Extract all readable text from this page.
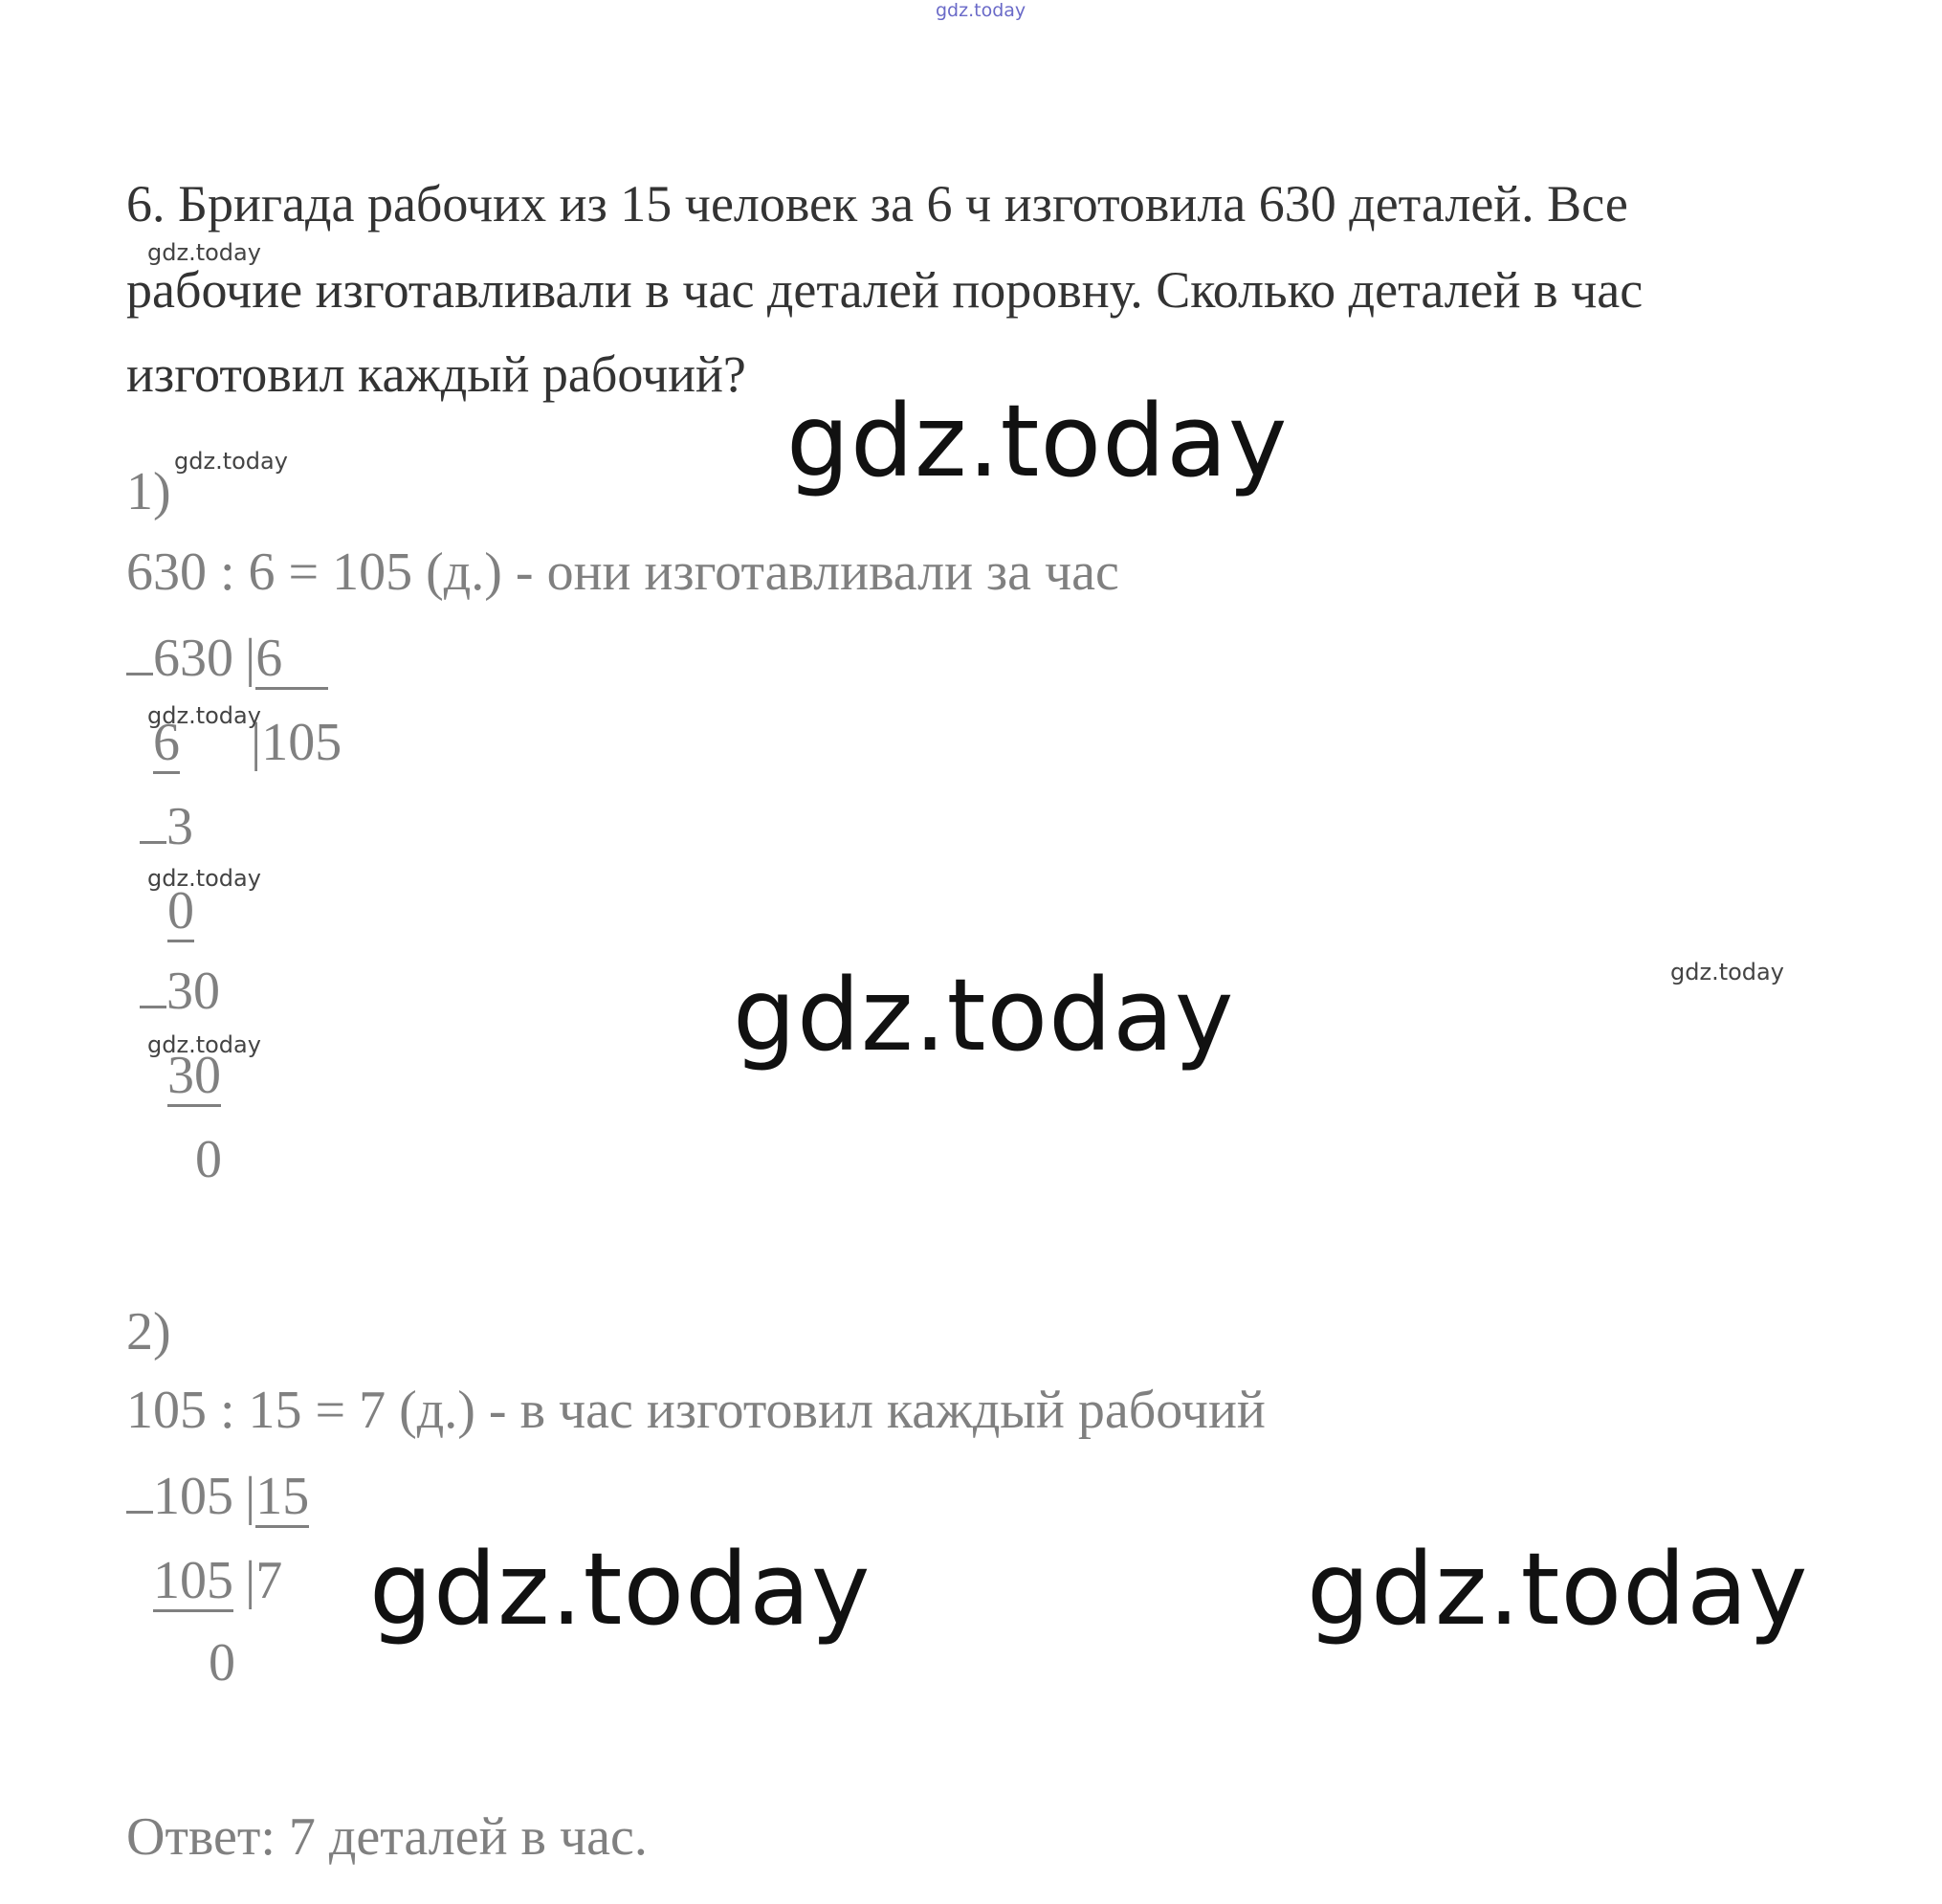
gdz.today
6. Бригада рабочих из 15 человек за 6 ч изготовила 630 деталей. Все
рабочие изготавливали в час деталей поровну. Сколько деталей в час
изготовил каждый рабочий?
1)
630 : 6 = 105 (д.) - они изготавливали за час
630 |6
6 |105
3
0
30
30
0
2)
105 : 15 = 7 (д.) - в час изготовил каждый рабочий
105 |15
105 |7
0
Ответ: 7 деталей в час.
gdz.today
gdz.today
gdz.today
gdz.today
gdz.today
gdz.today
gdz.today
gdz.today
gdz.today	gdz.today
